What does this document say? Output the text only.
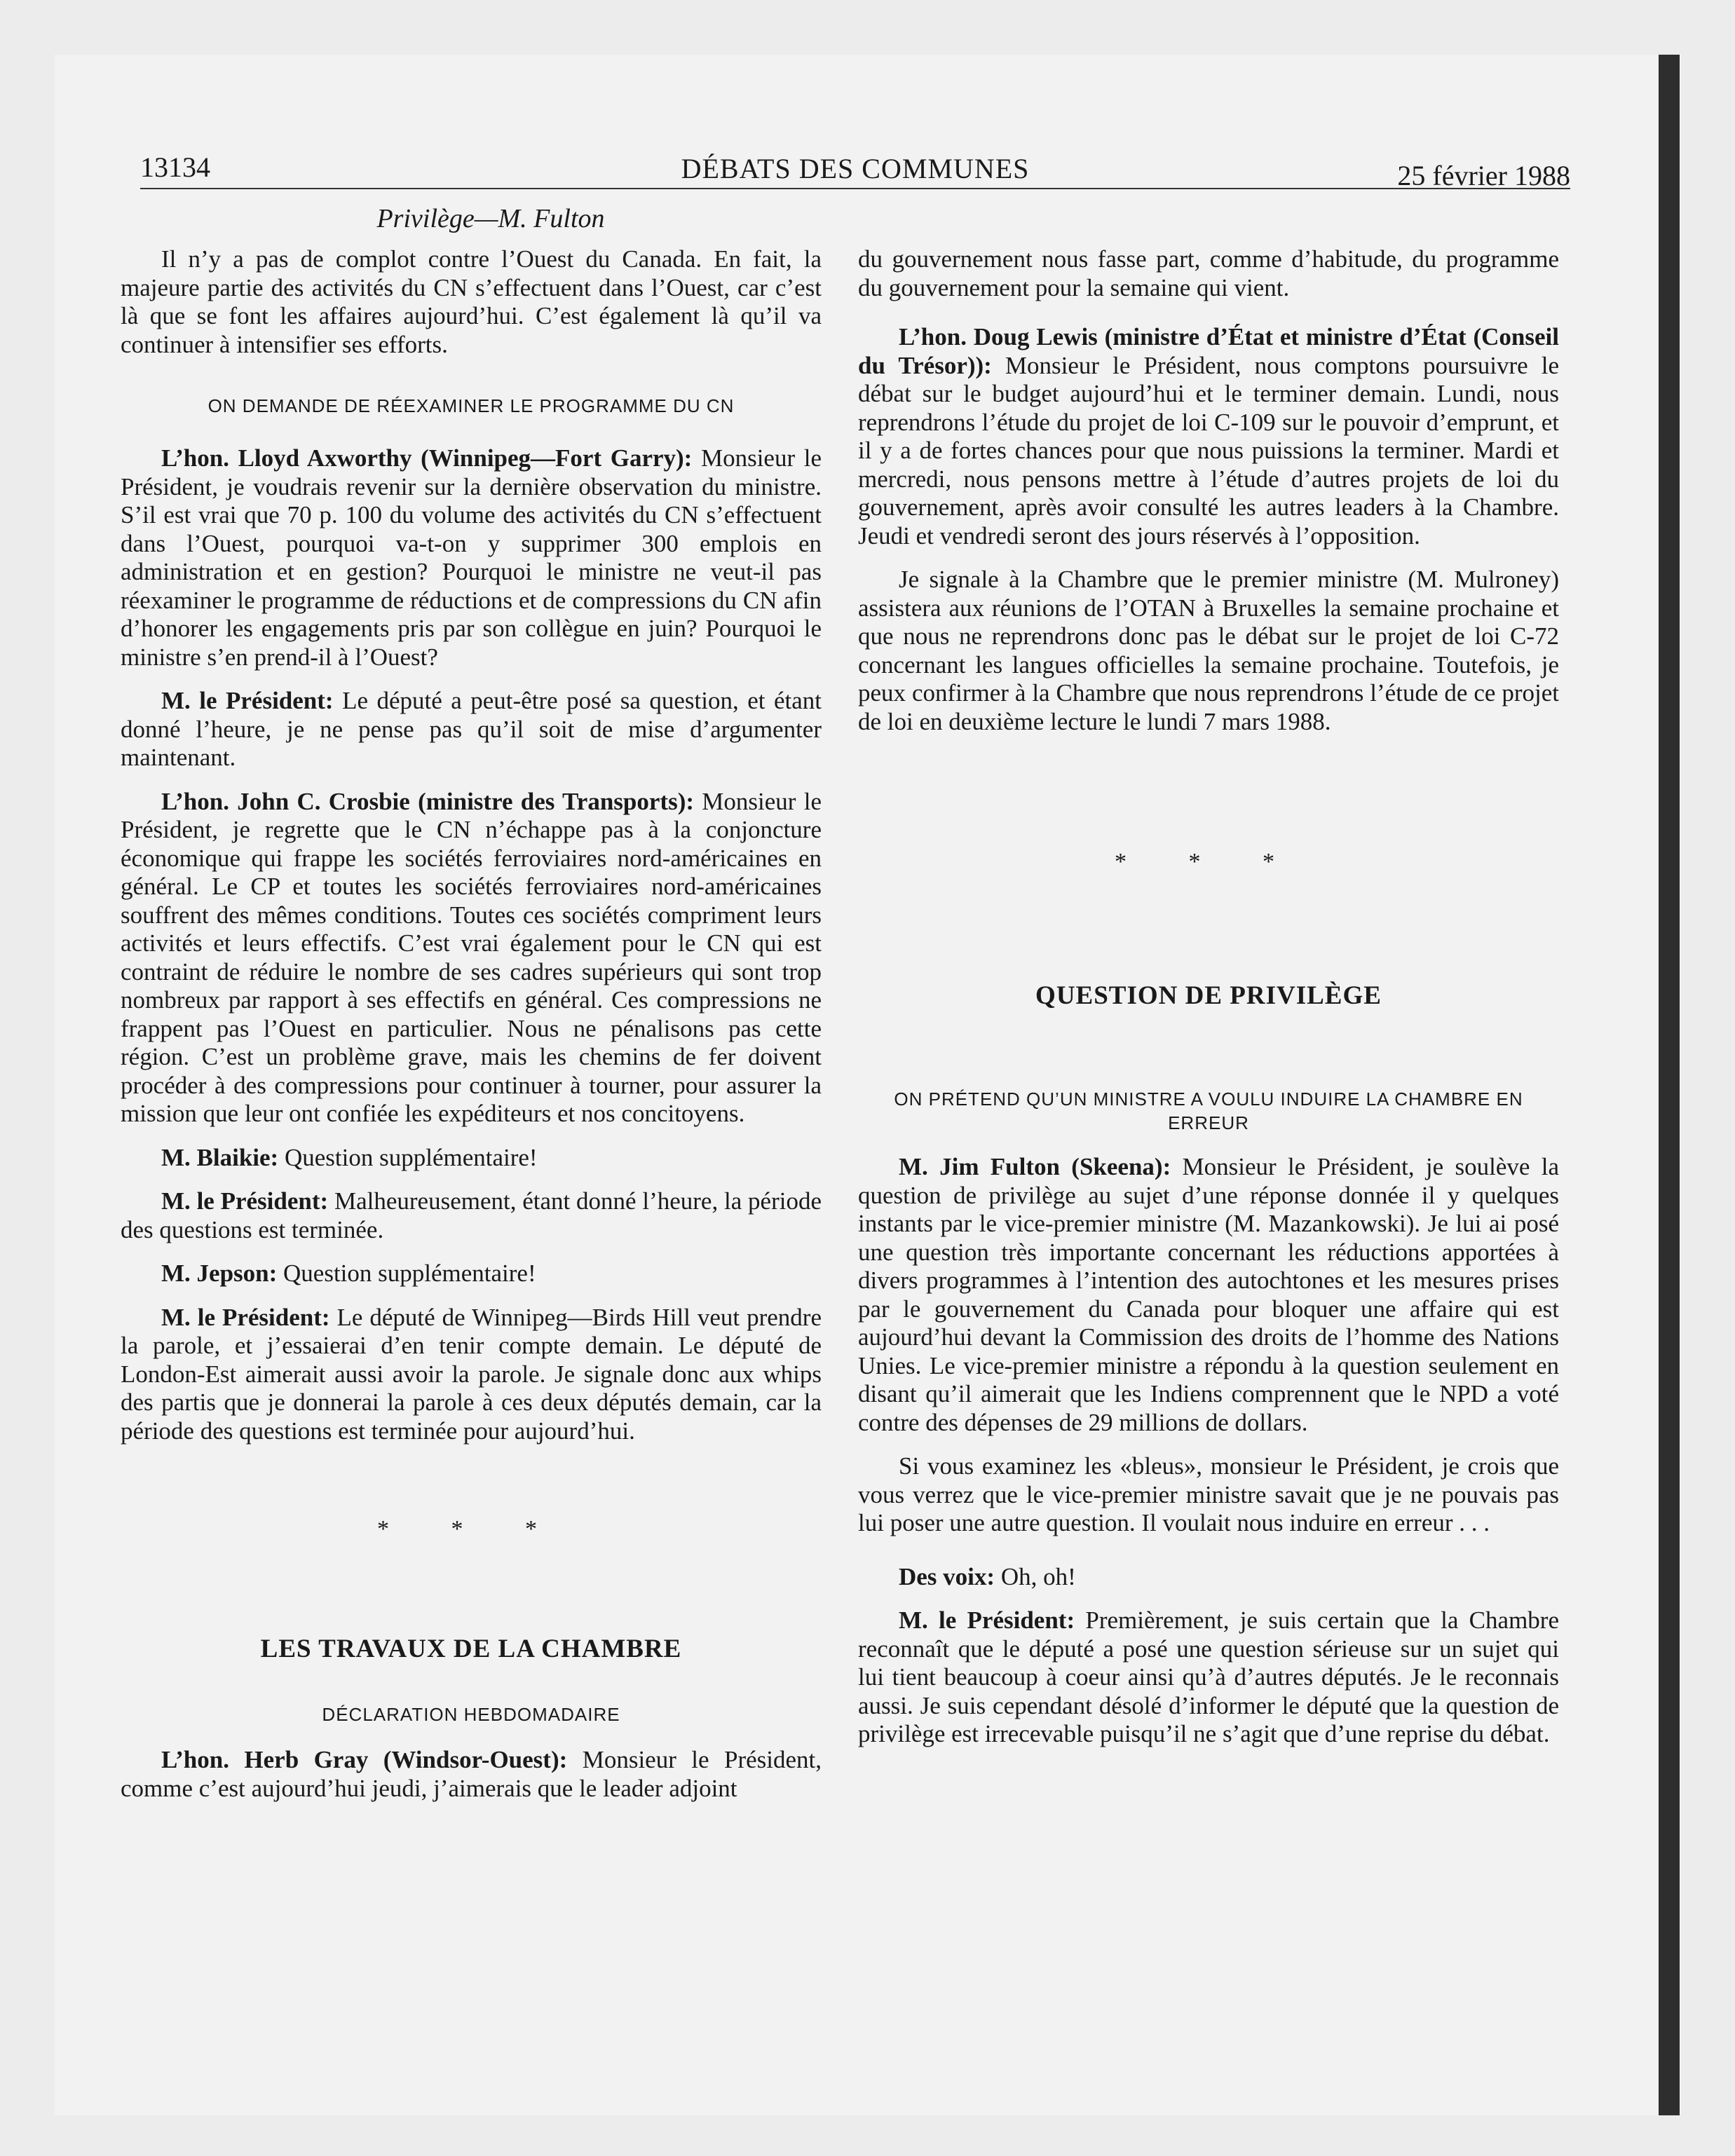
13134	DÉBATS DES COMMUNES	25 février 1988
Privilège—M. Fulton

Il n’y a pas de complot contre l’Ouest du Canada. En fait, la majeure partie des activités du CN s’effectuent dans l’Ouest, car c’est là que se font les affaires aujourd’hui. C’est également là qu’il va continuer à intensifier ses efforts.

ON DEMANDE DE RÉEXAMINER LE PROGRAMME DU CN

L’hon. Lloyd Axworthy (Winnipeg—Fort Garry): Monsieur le Président, je voudrais revenir sur la dernière observation du ministre. S’il est vrai que 70 p. 100 du volume des activités du CN s’effectuent dans l’Ouest, pourquoi va-t-on y supprimer 300 emplois en administration et en gestion? Pourquoi le ministre ne veut-il pas réexaminer le programme de réductions et de compressions du CN afin d’honorer les engagements pris par son collègue en juin? Pourquoi le ministre s’en prend-il à l’Ouest?

M. le Président: Le député a peut-être posé sa question, et étant donné l’heure, je ne pense pas qu’il soit de mise d’argumenter maintenant.

L’hon. John C. Crosbie (ministre des Transports): Monsieur le Président, je regrette que le CN n’échappe pas à la conjoncture économique qui frappe les sociétés ferroviaires nord-américaines en général. Le CP et toutes les sociétés ferroviaires nord-américaines souffrent des mêmes conditions. Toutes ces sociétés compriment leurs activités et leurs effectifs. C’est vrai également pour le CN qui est contraint de réduire le nombre de ses cadres supérieurs qui sont trop nombreux par rapport à ses effectifs en général. Ces compressions ne frappent pas l’Ouest en particulier. Nous ne pénalisons pas cette région. C’est un problème grave, mais les chemins de fer doivent procéder à des compressions pour continuer à tourner, pour assurer la mission que leur ont confiée les expéditeurs et nos concitoyens.

M. Blaikie: Question supplémentaire!

M. le Président: Malheureusement, étant donné l’heure, la période des questions est terminée.

M. Jepson: Question supplémentaire!

M. le Président: Le député de Winnipeg—Birds Hill veut prendre la parole, et j’essaierai d’en tenir compte demain. Le député de London-Est aimerait aussi avoir la parole. Je signale donc aux whips des partis que je donnerai la parole à ces deux députés demain, car la période des questions est terminée pour aujourd’hui.

* * *
LES TRAVAUX DE LA CHAMBRE
DÉCLARATION HEBDOMADAIRE

L’hon. Herb Gray (Windsor-Ouest): Monsieur le Président, comme c’est aujourd’hui jeudi, j’aimerais que le leader adjoint

du gouvernement nous fasse part, comme d’habitude, du programme du gouvernement pour la semaine qui vient.

L’hon. Doug Lewis (ministre d’État et ministre d’État (Conseil du Trésor)): Monsieur le Président, nous comptons poursuivre le débat sur le budget aujourd’hui et le terminer demain. Lundi, nous reprendrons l’étude du projet de loi C-109 sur le pouvoir d’emprunt, et il y a de fortes chances pour que nous puissions la terminer. Mardi et mercredi, nous pensons mettre à l’étude d’autres projets de loi du gouvernement, après avoir consulté les autres leaders à la Chambre. Jeudi et vendredi seront des jours réservés à l’opposition.

Je signale à la Chambre que le premier ministre (M. Mulroney) assistera aux réunions de l’OTAN à Bruxelles la semaine prochaine et que nous ne reprendrons donc pas le débat sur le projet de loi C-72 concernant les langues officielles la semaine prochaine. Toutefois, je peux confirmer à la Chambre que nous reprendrons l’étude de ce projet de loi en deuxième lecture le lundi 7 mars 1988.

* * *
QUESTION DE PRIVILÈGE
ON PRÉTEND QU’UN MINISTRE A VOULU INDUIRE LA CHAMBRE EN ERREUR

M. Jim Fulton (Skeena): Monsieur le Président, je soulève la question de privilège au sujet d’une réponse donnée il y quelques instants par le vice-premier ministre (M. Mazankowski). Je lui ai posé une question très importante concernant les réductions apportées à divers programmes à l’intention des autochtones et les mesures prises par le gouvernement du Canada pour bloquer une affaire qui est aujourd’hui devant la Commission des droits de l’homme des Nations Unies. Le vice-premier ministre a répondu à la question seulement en disant qu’il aimerait que les Indiens comprennent que le NPD a voté contre des dépenses de 29 millions de dollars.

Si vous examinez les «bleus», monsieur le Président, je crois que vous verrez que le vice-premier ministre savait que je ne pouvais pas lui poser une autre question. Il voulait nous induire en erreur . . .

Des voix: Oh, oh!

M. le Président: Premièrement, je suis certain que la Chambre reconnaît que le député a posé une question sérieuse sur un sujet qui lui tient beaucoup à coeur ainsi qu’à d’autres députés. Je le reconnais aussi. Je suis cependant désolé d’informer le député que la question de privilège est irrecevable puisqu’il ne s’agit que d’une reprise du débat.
